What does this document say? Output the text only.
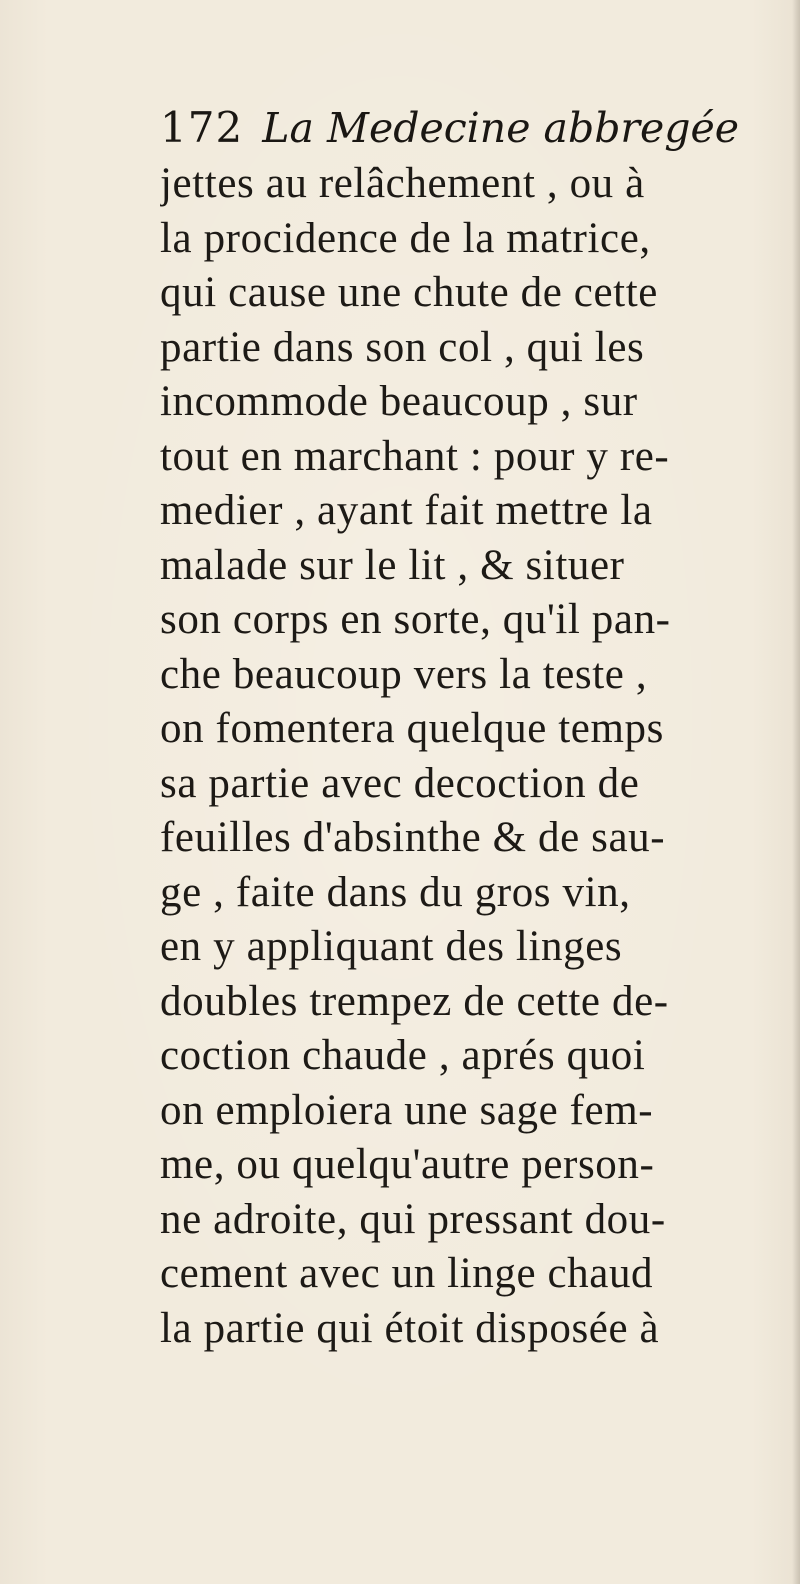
172 La Medecine abbregée
jettes au relâchement , ou à
la procidence de la matrice,
qui cause une chute de cette
partie dans son col , qui les
incommode beaucoup , sur
tout en marchant : pour y re-
medier , ayant fait mettre la
malade sur le lit , & situer
son corps en sorte, qu'il pan-
che beaucoup vers la teste ,
on fomentera quelque temps
sa partie avec decoction de
feuilles d'absinthe & de sau-
ge , faite dans du gros vin,
en y appliquant des linges
doubles trempez de cette de-
coction chaude , aprés quoi
on emploiera une sage fem-
me, ou quelqu'autre person-
ne adroite, qui pressant dou-
cement avec un linge chaud
la partie qui étoit disposée à
